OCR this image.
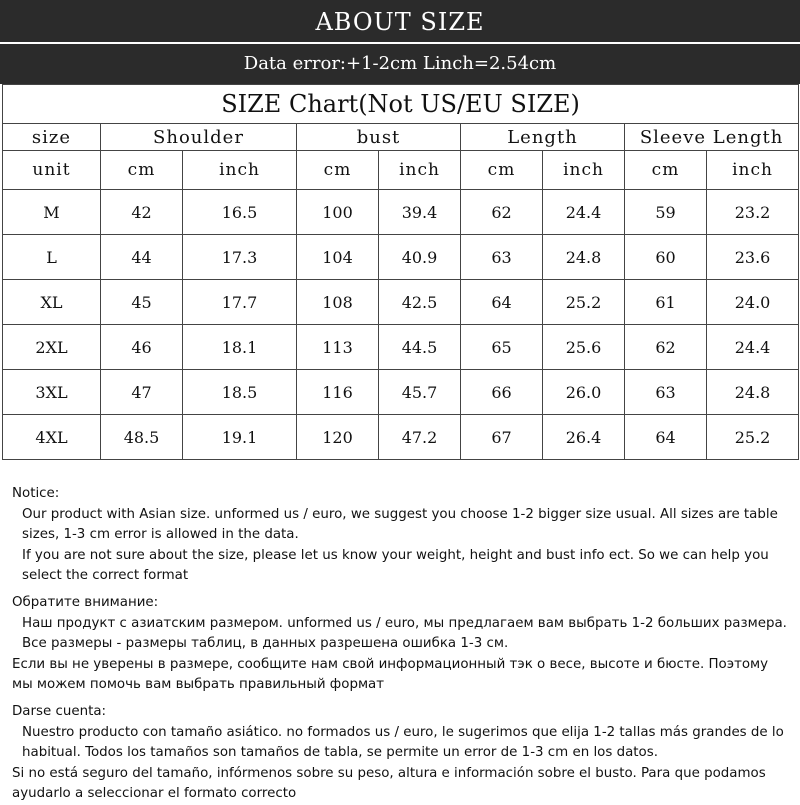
ABOUT SIZE
Data error:+1-2cm Linch=2.54cm
SIZE Chart(Not US/EU SIZE)								
size	Shoulder		bust		Length		Sleeve Length	
unit	cm	inch	cm	inch	cm	inch	cm	inch
M	42	16.5	100	39.4	62	24.4	59	23.2
L	44	17.3	104	40.9	63	24.8	60	23.6
XL	45	17.7	108	42.5	64	25.2	61	24.0
2XL	46	18.1	113	44.5	65	25.6	62	24.4
3XL	47	18.5	116	45.7	66	26.0	63	24.8
4XL	48.5	19.1	120	47.2	67	26.4	64	25.2

Notice:

Our product with Asian size. unformed us / euro, we suggest you choose 1-2 bigger size usual. All sizes are table sizes, 1-3 cm error is allowed in the data.

If you are not sure about the size, please let us know your weight, height and bust info ect. So we can help you select the correct format

Обратите внимание:

Наш продукт с азиатским размером. unformed us / euro, мы предлагаем вам выбрать 1-2 больших размера. Все размеры - размеры таблиц, в данных разрешена ошибка 1-3 см.

Если вы не уверены в размере, сообщите нам свой информационный тэк о весе, высоте и бюсте. Поэтому мы можем помочь вам выбрать правильный формат

Darse cuenta:

Nuestro producto con tamaño asiático. no formados us / euro, le sugerimos que elija 1-2 tallas más grandes de lo habitual. Todos los tamaños son tamaños de tabla, se permite un error de 1-3 cm en los datos.

Si no está seguro del tamaño, infórmenos sobre su peso, altura e información sobre el busto. Para que podamos ayudarlo a seleccionar el formato correcto
